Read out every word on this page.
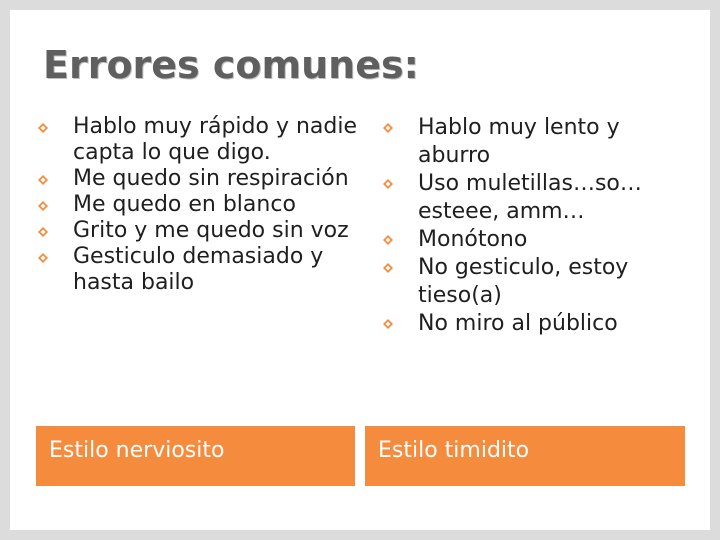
Errores comunes:
Hablo muy rápido y nadie capta lo que digo.
Me quedo sin respiración
Me quedo en blanco
Grito y me quedo sin voz
Gesticulo demasiado y hasta bailo
Hablo muy lento y aburro
Uso muletillas…so…esteee, amm…
Monótono
No gesticulo, estoy tieso(a)
No miro al público
Estilo nerviosito	Estilo timidito
